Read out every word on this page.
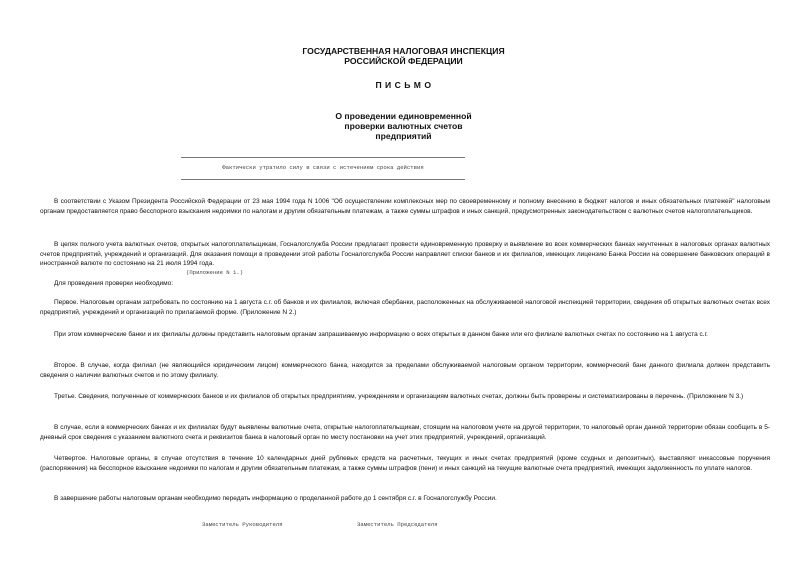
ГОСУДАРСТВЕННАЯ НАЛОГОВАЯ ИНСПЕКЦИЯ
РОССИЙСКОЙ ФЕДЕРАЦИИ
П И С Ь М О
О проведении единовременной
проверки валютных счетов
предприятий
Фактически утратило силу в связи с истечением срока действия

В соответствии с Указом Президента Российской Федерации от 23 мая 1994 года N 1006 "Об осуществлении комплексных мер по своевременному и полному внесению в бюджет налогов и иных обязательных платежей" налоговым органам предоставляется право бесспорного взыскания недоимки по налогам и другим обязательным платежам, а также суммы штрафов и иных санкций, предусмотренных законодательством с валютных счетов налогоплательщиков.

В целях полного учета валютных счетов, открытых налогоплательщикам, Госналогслужба России предлагает провести единовременную проверку и выявление во всех коммерческих банках неучтенных в налоговых органах валютных счетов предприятий, учреждений и организаций. Для оказания помощи в проведении этой работы Госналогслужба России направляет списки банков и их филиалов, имеющих лицензию Банка России на совершение банковских операций в иностранной валюте по состоянию на 21 июля 1994 года.

(Приложение N 1.)

Для проведения проверки необходимо:

Первое. Налоговым органам затребовать по состоянию на 1 августа с.г. об банков и их филиалов, включая сбербанки, расположенных на обслуживаемой налоговой инспекцией территории, сведения об открытых валютных счетах всех предприятий, учреждений и организаций по прилагаемой форме. (Приложение N 2.)

При этом коммерческие банки и их филиалы должны представить налоговым органам запрашиваемую информацию о всех открытых в данном банке или его филиале валютных счетах по состоянию на 1 августа с.г.

Второе. В случае, когда филиал (не являющийся юридическим лицом) коммерческого банка, находится за пределами обслуживаемой налоговым органом территории, коммерческий банк данного филиала должен представить сведения о наличии валютных счетов и по этому филиалу.

Третье. Сведения, полученные от коммерческих банков и их филиалов об открытых предприятиям, учреждениям и организациям валютных счетах, должны быть проверены и систематизированы в перечень. (Приложение N 3.)

В случае, если в коммерческих банках и их филиалах будут выявлены валютные счета, открытые налогоплательщикам, стоящим на налоговом учете на другой территории, то налоговый орган данной территории обязан сообщить в 5-дневный срок сведения с указанием валютного счета и реквизитов банка в налоговый орган по месту постановки на учет этих предприятий, учреждений, организаций.

Четвертое. Налоговые органы, в случае отсутствия в течение 10 календарных дней рублевых средств на расчетных, текущих и иных счетах предприятий (кроме ссудных и депозитных), выставляют инкассовые поручения (распоряжения) на бесспорное взыскание недоимки по налогам и другим обязательным платежам, а также суммы штрафов (пени) и иных санкций на текущие валютные счета предприятий, имеющих задолженность по уплате налогов.

В завершение работы налоговым органам необходимо передать информацию о проделанной работе до 1 сентября с.г. в Госналогслужбу России.

Заместитель Руководителя	Заместитель Председателя
